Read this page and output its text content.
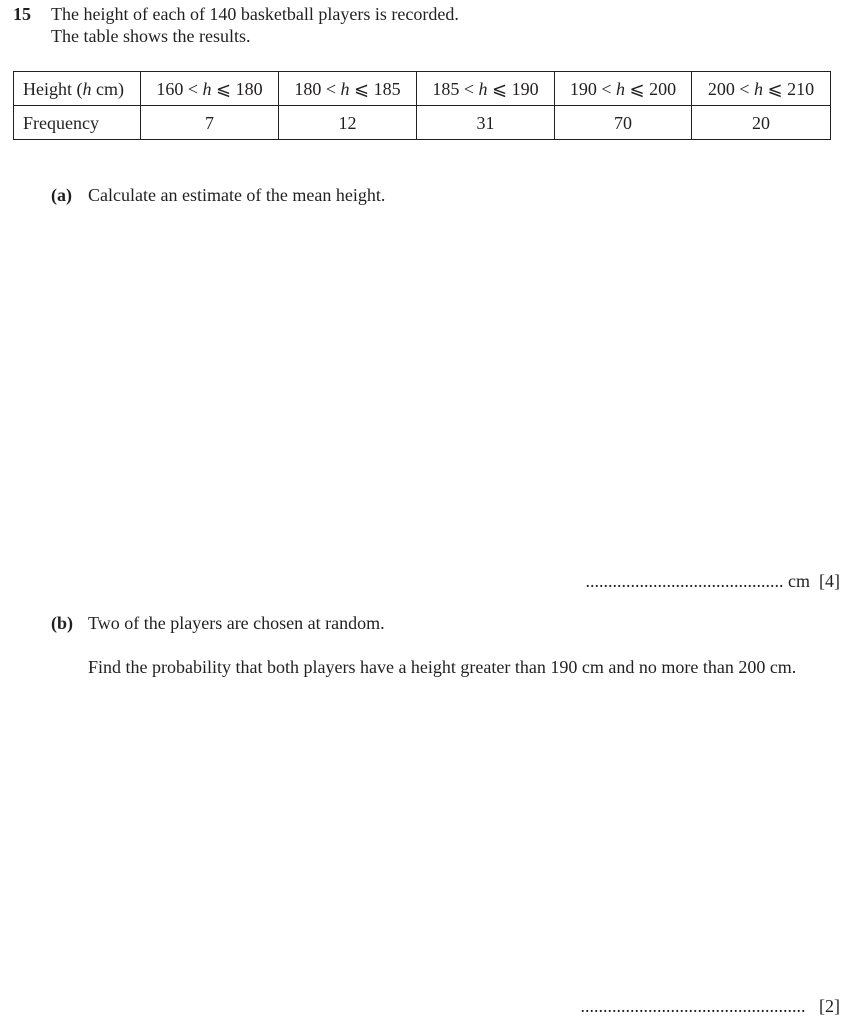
15 The height of each of 140 basketball players is recorded.
The table shows the results.
Height (h cm)	160 < h ⩽ 180	180 < h ⩽ 185	185 < h ⩽ 190	190 < h ⩽ 200	200 < h ⩽ 210
Frequency	7	12	31	70	20
(a) Calculate an estimate of the mean height.
............................................ cm [4]
(b) Two of the players are chosen at random.
Find the probability that both players have a height greater than 190 cm and no more than 200 cm.
.................................................. [2]
